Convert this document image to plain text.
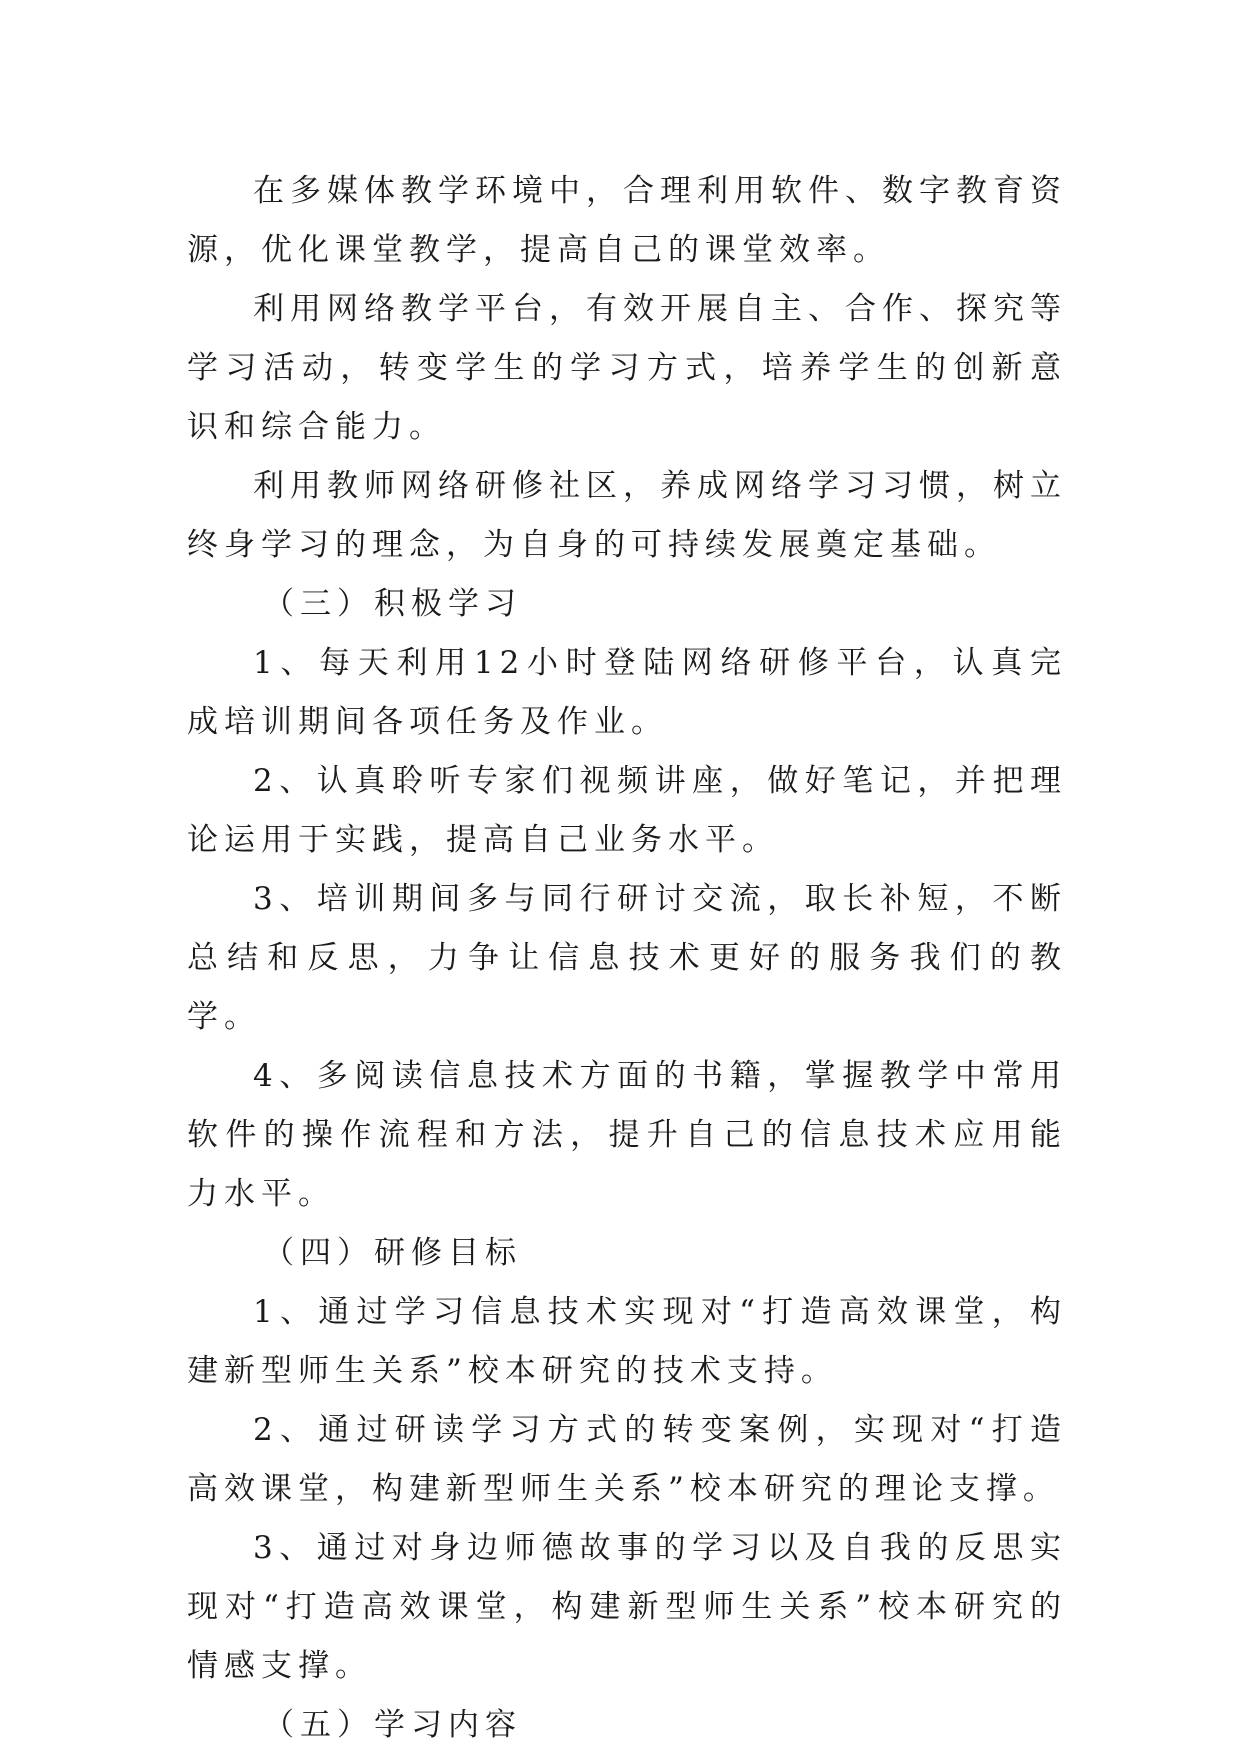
在多媒体教学环境中，合理利用软件、数字教育资源，优化课堂教学，提高自己的课堂效率。

利用网络教学平台，有效开展自主、合作、探究等学习活动，转变学生的学习方式，培养学生的创新意识和综合能力。

利用教师网络研修社区，养成网络学习习惯，树立终身学习的理念，为自身的可持续发展奠定基础。

（三）积极学习

1、每天利用12小时登陆网络研修平台，认真完成培训期间各项任务及作业。

2、认真聆听专家们视频讲座，做好笔记，并把理论运用于实践，提高自己业务水平。

3、培训期间多与同行研讨交流，取长补短，不断总结和反思，力争让信息技术更好的服务我们的教学。

4、多阅读信息技术方面的书籍，掌握教学中常用软件的操作流程和方法，提升自己的信息技术应用能力水平。

（四）研修目标

1、通过学习信息技术实现对“打造高效课堂，构建新型师生关系”校本研究的技术支持。

2、通过研读学习方式的转变案例，实现对“打造高效课堂，构建新型师生关系”校本研究的理论支撑。

3、通过对身边师德故事的学习以及自我的反思实现对“打造高效课堂，构建新型师生关系”校本研究的情感支撑。

（五）学习内容
